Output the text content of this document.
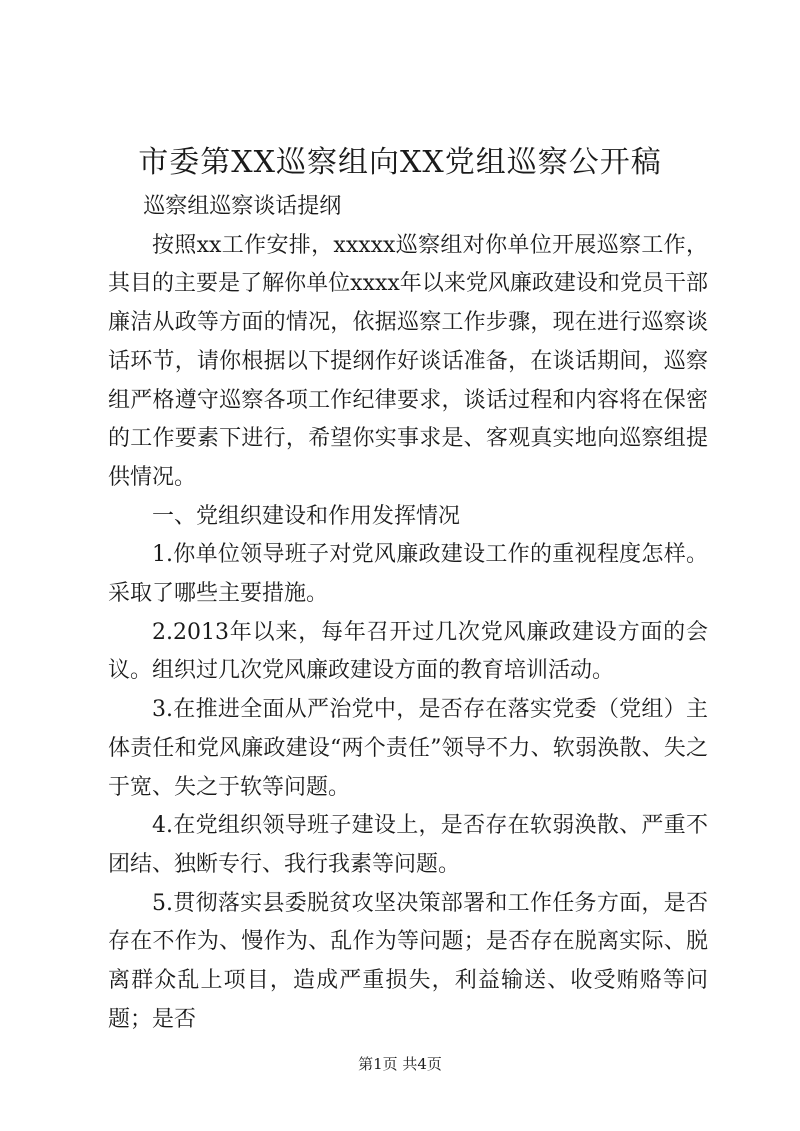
市委第XX巡察组向XX党组巡察公开稿

巡察组巡察谈话提纲

按照xx工作安排，xxxxx巡察组对你单位开展巡察工作，其目的主要是了解你单位xxxx年以来党风廉政建设和党员干部廉洁从政等方面的情况，依据巡察工作步骤，现在进行巡察谈话环节，请你根据以下提纲作好谈话准备，在谈话期间，巡察组严格遵守巡察各项工作纪律要求，谈话过程和内容将在保密的工作要素下进行，希望你实事求是、客观真实地向巡察组提供情况。

一、党组织建设和作用发挥情况

1.你单位领导班子对党风廉政建设工作的重视程度怎样。采取了哪些主要措施。

2.2013年以来，每年召开过几次党风廉政建设方面的会议。组织过几次党风廉政建设方面的教育培训活动。

3.在推进全面从严治党中，是否存在落实党委（党组）主体责任和党风廉政建设“两个责任”领导不力、软弱涣散、失之于宽、失之于软等问题。

4.在党组织领导班子建设上，是否存在软弱涣散、严重不团结、独断专行、我行我素等问题。

5.贯彻落实县委脱贫攻坚决策部署和工作任务方面，是否存在不作为、慢作为、乱作为等问题；是否存在脱离实际、脱离群众乱上项目，造成严重损失，利益输送、收受贿赂等问题；是否

第1页 共4页
